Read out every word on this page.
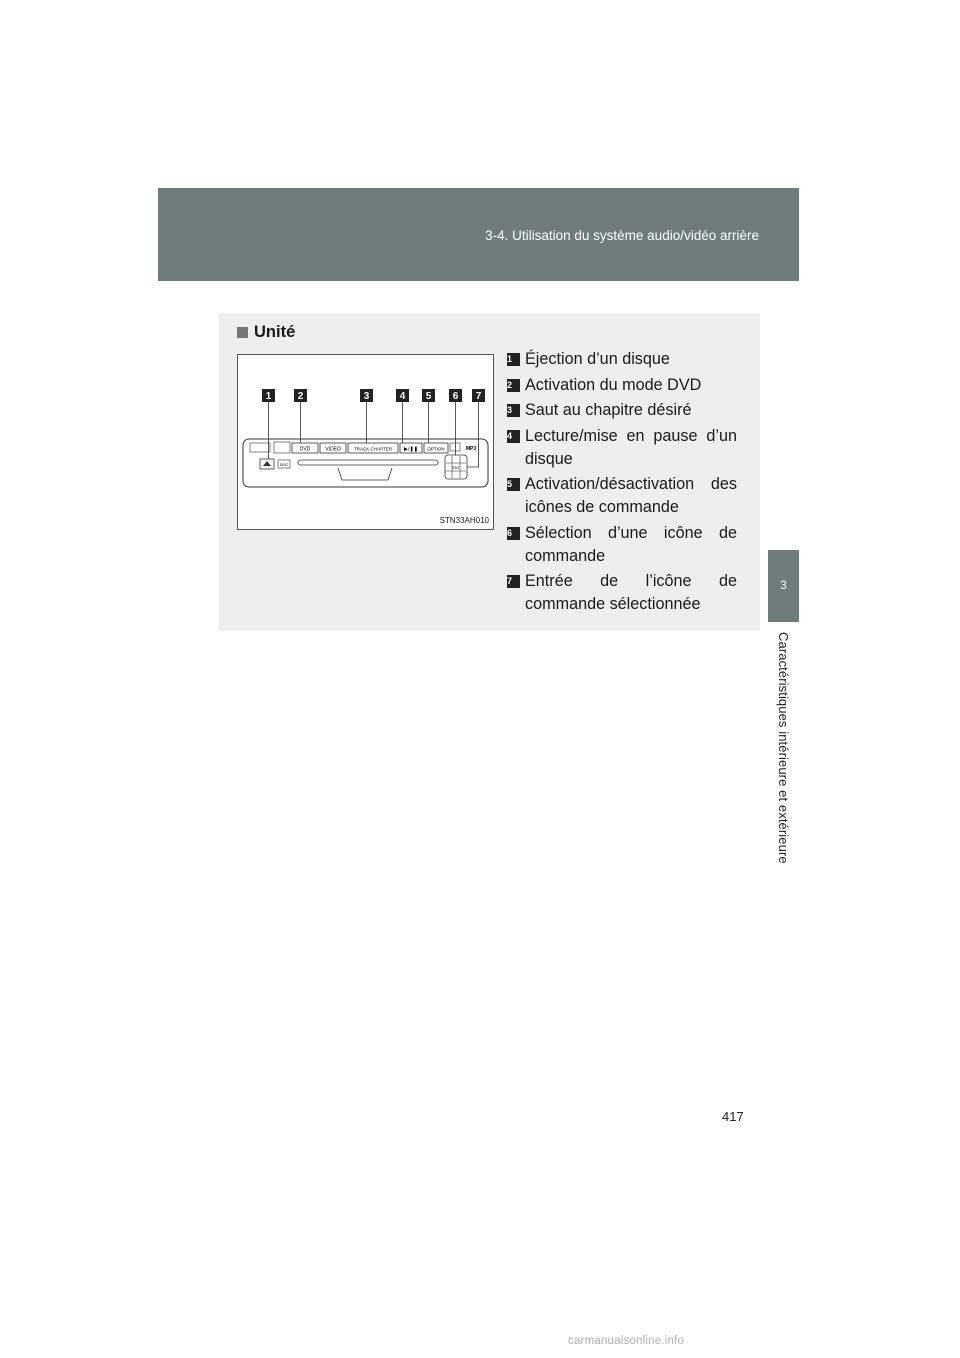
3-4. Utilisation du système audio/vidéo arrière
3
Caractéristiques intérieure et extérieure
Unité
1	2	3	4 5 6 7
DVD	VIDEO	TRACK CHAPTER ▶/❚❚ OPTION	MP3
DISC
ENT
STN33AH010
1 Éjection d’un disque
2 Activation du mode DVD
3 Saut au chapitre désiré
4 Lecture/mise en pause d’un disque
5 Activation/désactivation des icônes de commande
6 Sélection d’une icône de commande
7 Entrée de l’icône de commande sélectionnée
417
carmanualsonline.info
